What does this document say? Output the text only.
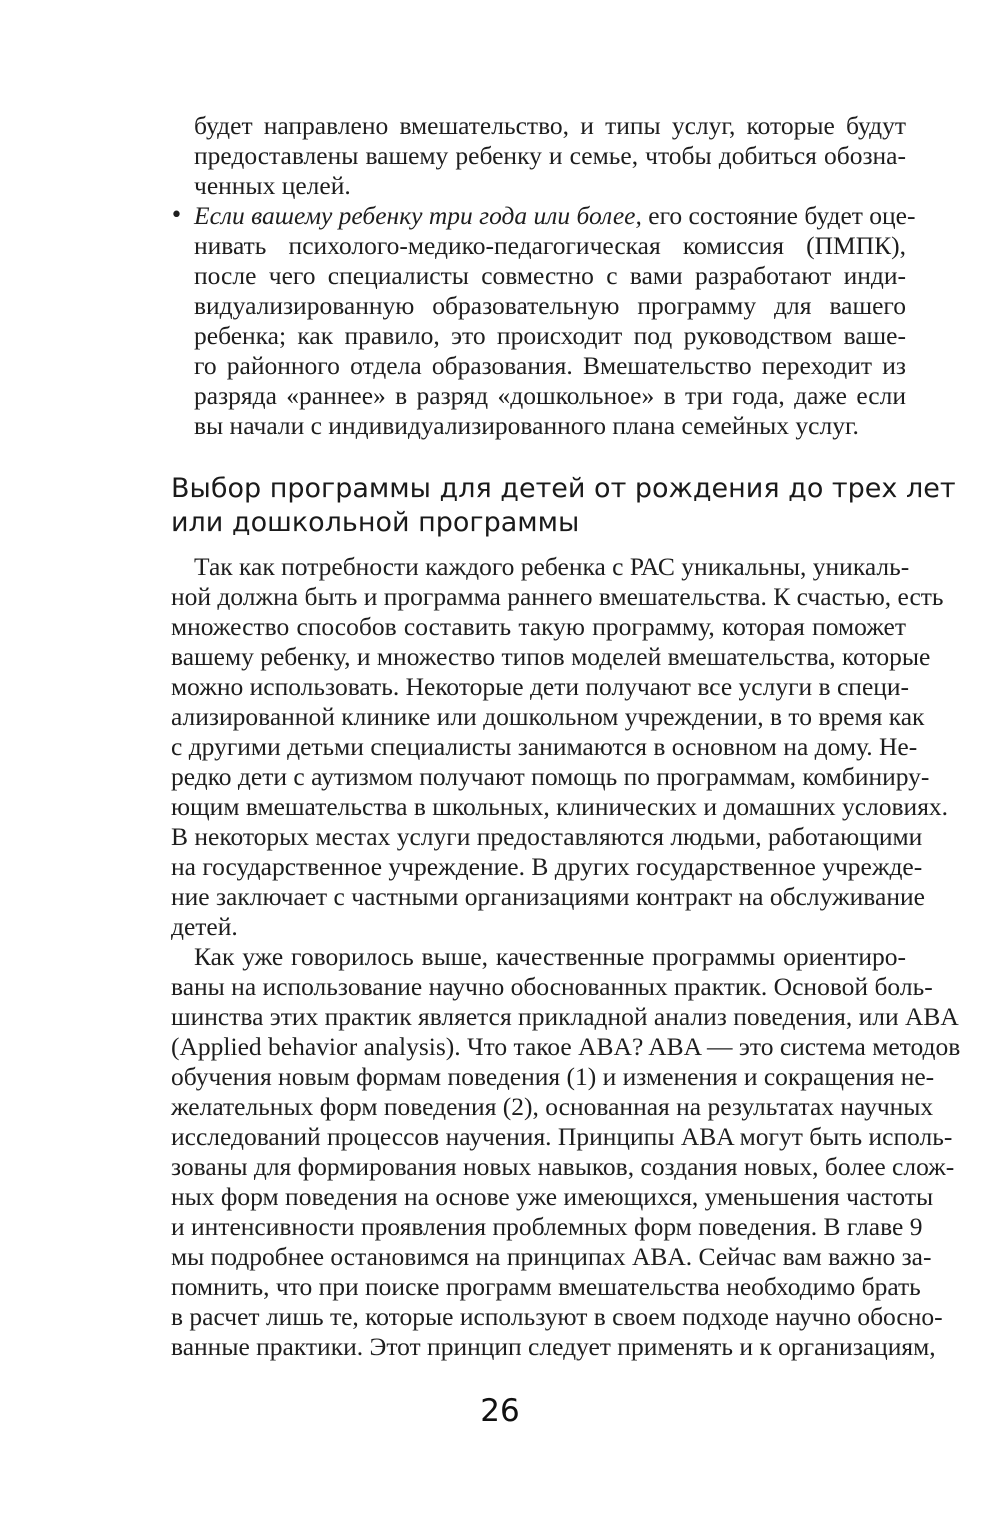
будет направлено вмешательство, и типы услуг, которые будут
предоставлены вашему ребенку и семье, чтобы добиться обозна-
ченных целей.
• Если вашему ребенку три года или более, его состояние будет оце-
нивать психолого-медико-педагогическая комиссия (ПМПК),
после чего специалисты совместно с вами разработают инди-
видуализированную образовательную программу для вашего
ребенка; как правило, это происходит под руководством ваше-
го районного отдела образования. Вмешательство переходит из
разряда «раннее» в разряд «дошкольное» в три года, даже если
вы начали с индивидуализированного плана семейных услуг.
Выбор программы для детей от рождения до трех лет
или дошкольной программы
Так как потребности каждого ребенка с РАС уникальны, уникаль-
ной должна быть и программа раннего вмешательства. К счастью, есть
множество способов составить такую программу, которая поможет
вашему ребенку, и множество типов моделей вмешательства, которые
можно использовать. Некоторые дети получают все услуги в специ-
ализированной клинике или дошкольном учреждении, в то время как
с другими детьми специалисты занимаются в основном на дому. Не-
редко дети с аутизмом получают помощь по программам, комбиниру-
ющим вмешательства в школьных, клинических и домашних условиях.
В некоторых местах услуги предоставляются людьми, работающими
на государственное учреждение. В других государственное учрежде-
ние заключает с частными организациями контракт на обслуживание
детей.
Как уже говорилось выше, качественные программы ориентиро-
ваны на использование научно обоснованных практик. Основой боль-
шинства этих практик является прикладной анализ поведения, или ABA
(Applied behavior analysis). Что такое ABA? ABA — это система методов
обучения новым формам поведения (1) и изменения и сокращения не-
желательных форм поведения (2), основанная на результатах научных
исследований процессов научения. Принципы ABA могут быть исполь-
зованы для формирования новых навыков, создания новых, более слож-
ных форм поведения на основе уже имеющихся, уменьшения частоты
и интенсивности проявления проблемных форм поведения. В главе 9
мы подробнее остановимся на принципах ABA. Сейчас вам важно за-
помнить, что при поиске программ вмешательства необходимо брать
в расчет лишь те, которые используют в своем подходе научно обосно-
ванные практики. Этот принцип следует применять и к организациям,
26
